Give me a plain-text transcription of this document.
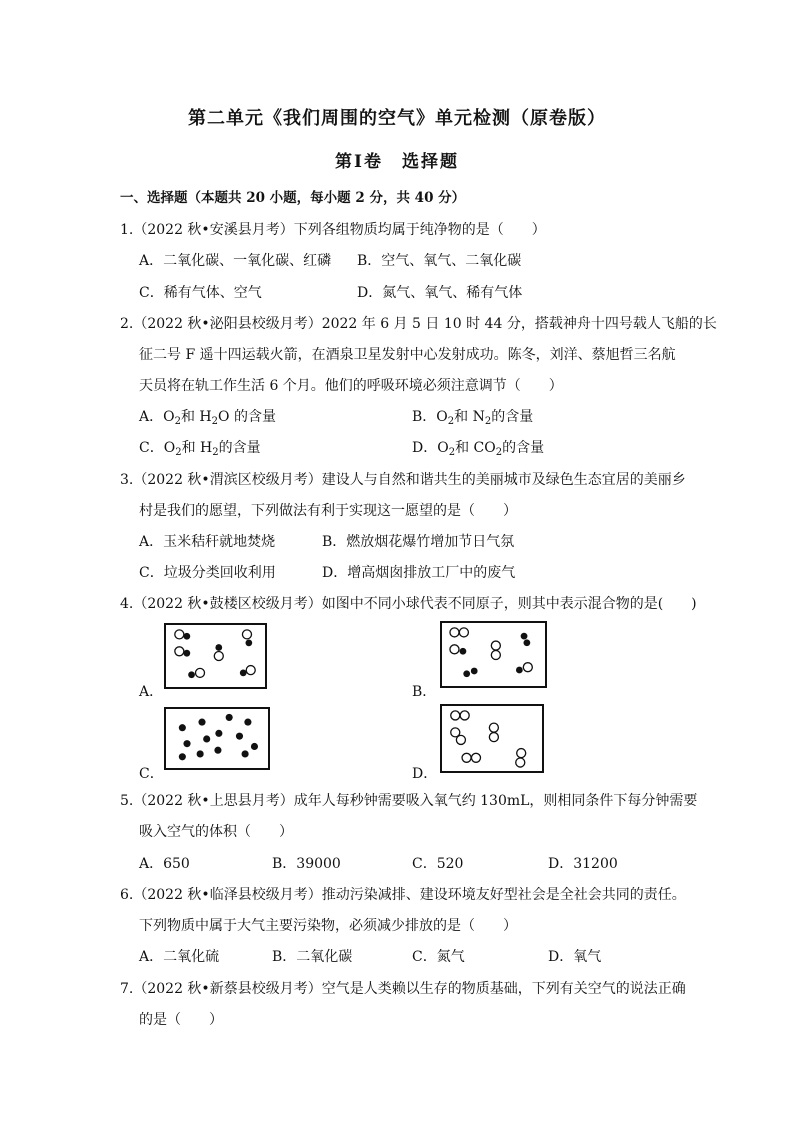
第二单元《我们周围的空气》单元检测（原卷版）
第Ⅰ卷　选择题
一、选择题（本题共 20 小题，每小题 2 分，共 40 分）
1.（2022 秋•安溪县月考）下列各组物质均属于纯净物的是（　　）
A．二氧化碳、一氧化碳、红磷 B．空气、氧气、二氧化碳
C．稀有气体、空气	D．氮气、氧气、稀有气体
2.（2022 秋•泌阳县校级月考）2022 年 6 月 5 日 10 时 44 分，搭载神舟十四号载人飞船的长
征二号 F 遥十四运载火箭，在酒泉卫星发射中心发射成功。陈冬，刘洋、蔡旭哲三名航
天员将在轨工作生活 6 个月。他们的呼吸环境必须注意调节（　　）
A．$O_2$和 $H_2O$ 的含量	B．$O_2$和 $N_2$的含量
C．$O_2$和 $H_2$的含量	D．$O_2$和 $CO_2$的含量
3.（2022 秋•渭滨区校级月考）建设人与自然和谐共生的美丽城市及绿色生态宜居的美丽乡
村是我们的愿望，下列做法有利于实现这一愿望的是（　　）
A．玉米秸秆就地焚烧	B．燃放烟花爆竹增加节日气氛
C．垃圾分类回收利用	D．增高烟囱排放工厂中的废气
4.（2022 秋•鼓楼区校级月考）如图中不同小球代表不同原子，则其中表示混合物的是(　　)
A．	B．
C．	D．
5.（2022 秋•上思县月考）成年人每秒钟需要吸入氧气约 130mL，则相同条件下每分钟需要
吸入空气的体积（　　）
A．650	B．39000	C．520	D．31200
6.（2022 秋•临泽县校级月考）推动污染减排、建设环境友好型社会是全社会共同的责任。
下列物质中属于大气主要污染物，必须减少排放的是（　　）
A．二氧化硫	B．二氧化碳	C．氮气	D．氧气
7.（2022 秋•新蔡县校级月考）空气是人类赖以生存的物质基础，下列有关空气的说法正确
的是（　　）
